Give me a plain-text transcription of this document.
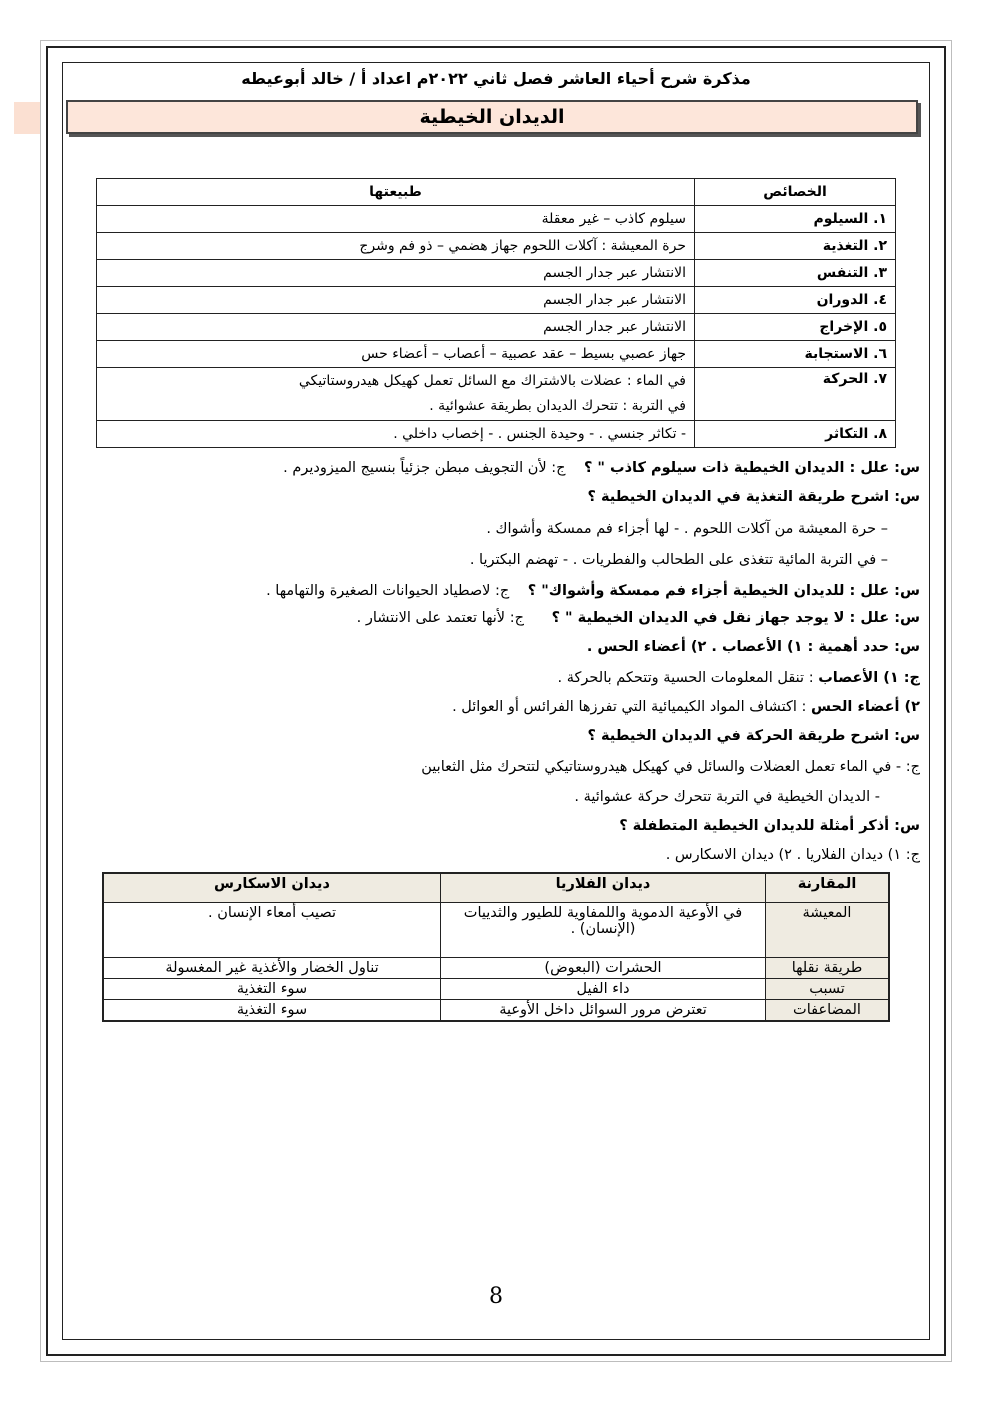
مذكرة شرح أحياء العاشر فصل ثاني ٢٠٢٢م اعداد أ / خالد أبوعيطه
الديدان الخيطية
الخصائص	طبيعتها
١. السيلوم	سيلوم كاذب – غير معقلة
٢. التغذية	حرة المعيشة : آكلات اللحوم جهاز هضمي – ذو فم وشرج
٣. التنفس	الانتشار عبر جدار الجسم
٤. الدوران	الانتشار عبر جدار الجسم
٥. الإخراج	الانتشار عبر جدار الجسم
٦. الاستجابة	جهاز عصبي بسيط – عقد عصبية – أعصاب – أعضاء حس
٧. الحركة	في الماء : عضلات بالاشتراك مع السائل تعمل كهيكل هيدروستاتيكي
في التربة : تتحرك الديدان بطريقة عشوائية .

٨. التكاثر	- تكاثر جنسي . - وحيدة الجنس . - إخصاب داخلي .
س: علل : الديدان الخيطية ذات سيلوم كاذب " ؟    ج: لأن التجويف مبطن جزئياً بنسيج الميزوديرم .
س: اشرح طريقة التغذية في الديدان الخيطية ؟
– حرة المعيشة من آكلات اللحوم . - لها أجزاء فم ممسكة وأشواك .
– في التربة المائية تتغذى على الطحالب والفطريات . - تهضم البكتريا .
س: علل : للديدان الخيطية أجزاء فم ممسكة وأشواك" ؟    ج: لاصطياد الحيوانات الصغيرة والتهامها .
س: علل : لا يوجد جهاز نقل في الديدان الخيطية " ؟      ج: لأنها تعتمد على الانتشار .
س: حدد أهمية : ١) الأعصاب . ٢) أعضاء الحس .
ج: ١) الأعصاب : تنقل المعلومات الحسية وتتحكم بالحركة .
٢) أعضاء الحس : اكتشاف المواد الكيميائية التي تفرزها الفرائس أو العوائل .
س: اشرح طريقة الحركة في الديدان الخيطية ؟
ج: - في الماء تعمل العضلات والسائل في كهيكل هيدروستاتيكي لتتحرك مثل الثعابين
- الديدان الخيطية في التربة تتحرك حركة عشوائية .
س: أذكر أمثلة للديدان الخيطية المتطفلة ؟
ج: ١) ديدان الفلاريا . ٢) ديدان الاسكارس .
المقارنة	ديدان الفلاريا	ديدان الاسكارس
المعيشة	في الأوعية الدموية واللمفاوية للطيور والثدييات (الإنسان) .	تصيب أمعاء الإنسان .
طريقة نقلها	الحشرات (البعوض)	تناول الخضار والأغذية غير المغسولة
تسبب	داء الفيل	سوء التغذية
المضاعفات	تعترض مرور السوائل داخل الأوعية	سوء التغذية
8
